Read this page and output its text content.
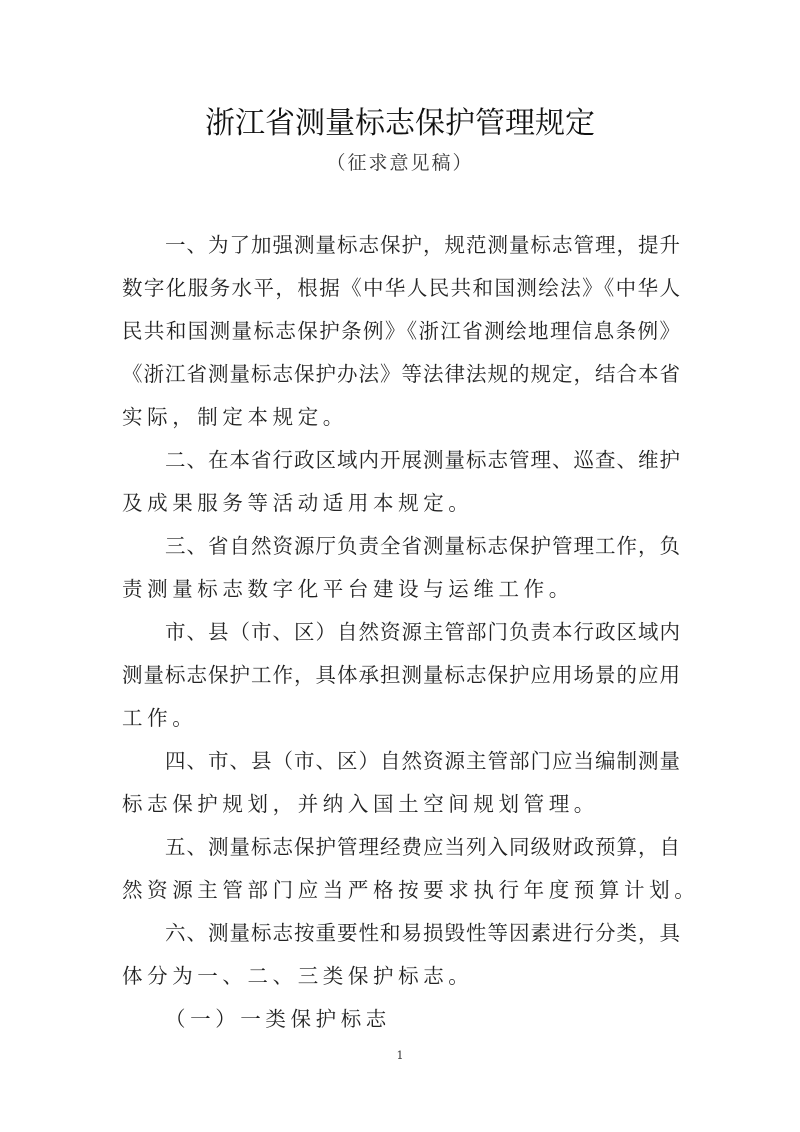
浙江省测量标志保护管理规定
（征求意见稿）
一、为了加强测量标志保护，规范测量标志管理，提升
数字化服务水平，根据《中华人民共和国测绘法》《中华人
民共和国测量标志保护条例》《浙江省测绘地理信息条例》
《浙江省测量标志保护办法》等法律法规的规定，结合本省
实际，制定本规定。
二、在本省行政区域内开展测量标志管理、巡查、维护
及成果服务等活动适用本规定。
三、省自然资源厅负责全省测量标志保护管理工作，负
责测量标志数字化平台建设与运维工作。
市、县（市、区）自然资源主管部门负责本行政区域内
测量标志保护工作，具体承担测量标志保护应用场景的应用
工作。
四、市、县（市、区）自然资源主管部门应当编制测量
标志保护规划，并纳入国土空间规划管理。
五、测量标志保护管理经费应当列入同级财政预算，自
然资源主管部门应当严格按要求执行年度预算计划。
六、测量标志按重要性和易损毁性等因素进行分类，具
体分为一、二、三类保护标志。
（一）一类保护标志
1
